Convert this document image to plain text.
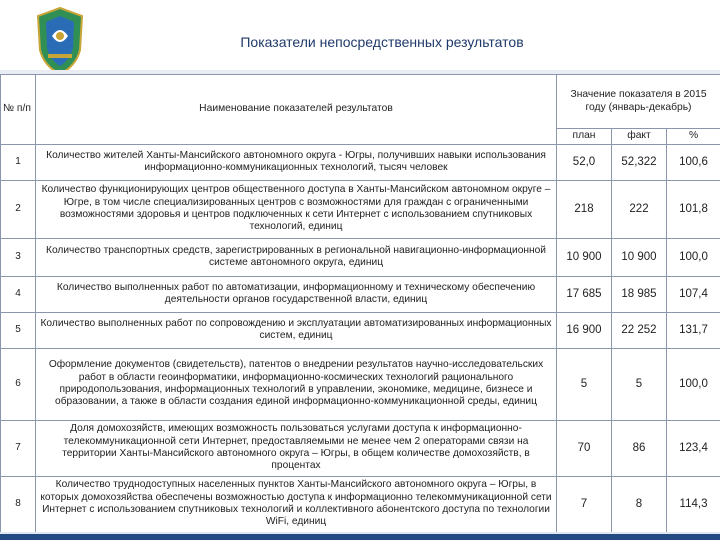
Показатели непосредственных результатов
№ п/п	Наименование показателей результатов	Значение показателя в 2015 году (январь-декабрь)		
		план	факт	%
1	Количество жителей Ханты-Мансийского автономного округа - Югры, получивших навыки использования информационно-коммуникационных технологий, тысяч человек	52,0	52,322	100,6
2	Количество функционирующих центров общественного доступа в Ханты-Мансийском автономном округе – Югре, в том числе специализированных центров с возможностями для граждан с ограниченными возможностями здоровья и центров подключенных к сети Интернет с использованием спутниковых технологий, единиц	218	222	101,8
3	Количество транспортных средств, зарегистрированных в региональной навигационно-информационной системе автономного округа, единиц	10 900	10 900	100,0
4	Количество выполненных работ по автоматизации, информационному и техническому обеспечению деятельности органов государственной власти, единиц	17 685	18 985	107,4
5	Количество выполненных работ по сопровождению и эксплуатации автоматизированных информационных систем, единиц	16 900	22 252	131,7
6	Оформление документов (свидетельств), патентов о внедрении результатов научно-исследовательских работ в области геоинформатики, информационно-космических технологий рационального природопользования, информационных технологий в управлении, экономике, медицине, бизнесе и образовании, а также в области создания единой информационно-коммуникационной среды, единиц	5	5	100,0
7	Доля домохозяйств, имеющих возможность пользоваться услугами доступа к информационно-телекоммуникационной сети Интернет, предоставляемыми не менее чем 2 операторами связи на территории Ханты-Мансийского автономного округа – Югры, в общем количестве домохозяйств, в процентах	70	86	123,4
8	Количество труднодоступных населенных пунктов Ханты-Мансийского автономного округа – Югры, в которых домохозяйства обеспечены возможностью доступа к информационно телекоммуникационной сети Интернет с использованием спутниковых технологий и коллективного абонентского доступа по технологии WiFi, единиц	7	8	114,3
